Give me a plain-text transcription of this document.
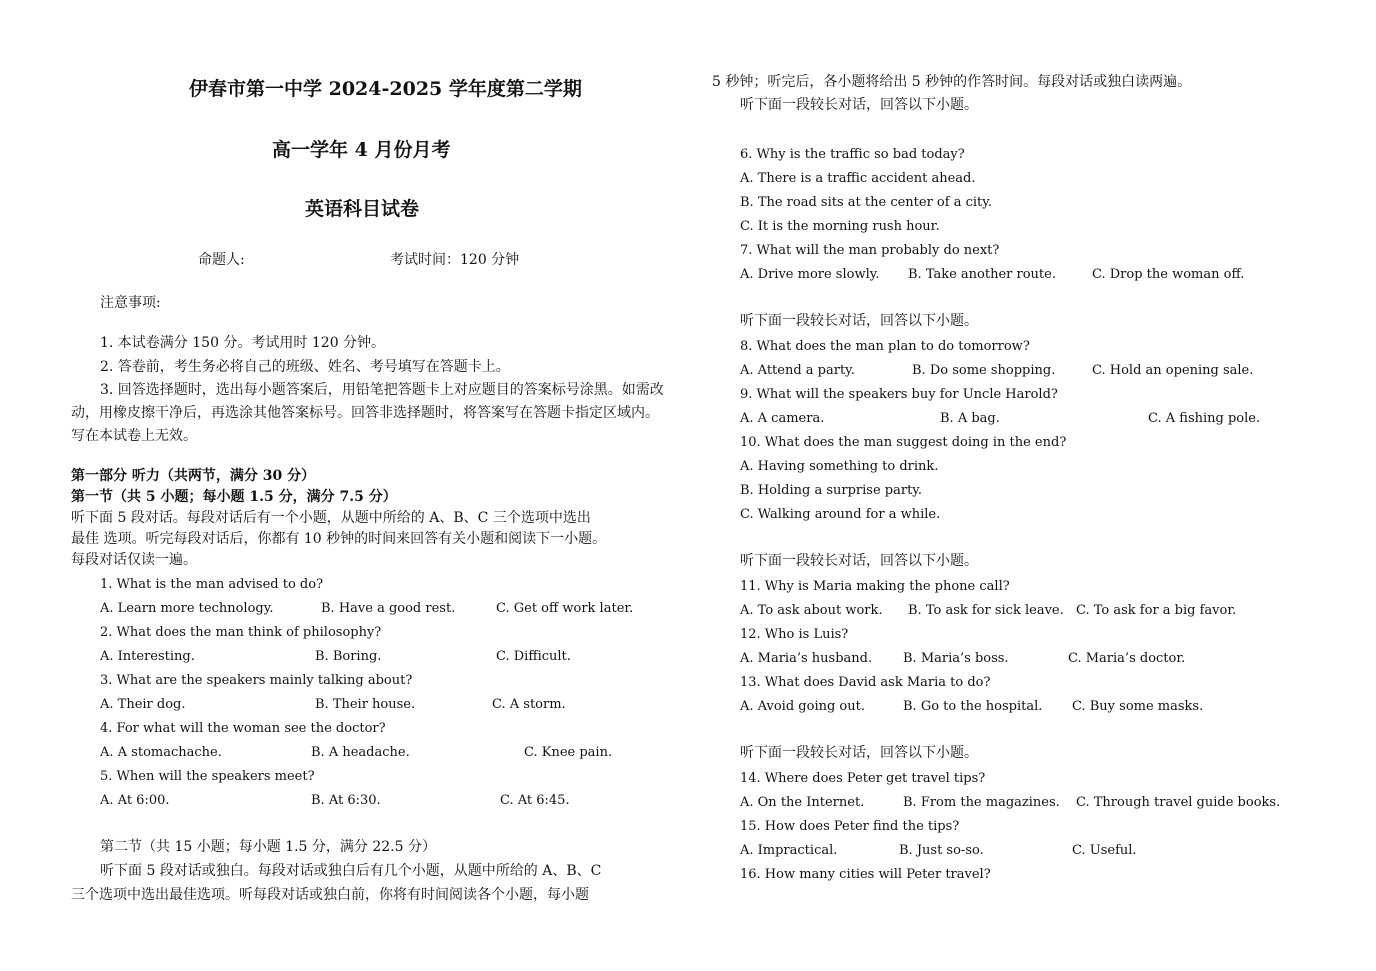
伊春市第一中学 2024-2025 学年度第二学期
高一学年 4 月份月考
英语科目试卷
命题人:	考试时间：120 分钟
注意事项:
1. 本试卷满分 150 分。考试用时 120 分钟。
2. 答卷前，考生务必将自己的班级、姓名、考号填写在答题卡上。
3. 回答选择题时，选出每小题答案后，用铅笔把答题卡上对应题目的答案标号涂黑。如需改
动，用橡皮擦干净后，再选涂其他答案标号。回答非选择题时，将答案写在答题卡指定区域内。
写在本试卷上无效。
第一部分 听力（共两节，满分 30 分）
第一节（共 5 小题；每小题 1.5 分，满分 7.5 分）
听下面 5 段对话。每段对话后有一个小题，从题中所给的 A、B、C 三个选项中选出
最佳 选项。听完每段对话后，你都有 10 秒钟的时间来回答有关小题和阅读下一小题。
每段对话仅读一遍。
1. What is the man advised to do?
A. Learn more technology.	B. Have a good rest.	C. Get off work later.
2. What does the man think of philosophy?
A. Interesting.	B. Boring.	C. Difficult.
3. What are the speakers mainly talking about?
A. Their dog.	B. Their house.	C. A storm.
4. For what will the woman see the doctor?
A. A stomachache.	B. A headache.	C. Knee pain.
5. When will the speakers meet?
A. At 6:00.	B. At 6:30.	C. At 6:45.
第二节（共 15 小题；每小题 1.5 分，满分 22.5 分）
听下面 5 段对话或独白。每段对话或独白后有几个小题，从题中所给的 A、B、C
三个选项中选出最佳选项。听每段对话或独白前，你将有时间阅读各个小题，每小题
5 秒钟；听完后，各小题将给出 5 秒钟的作答时间。每段对话或独白读两遍。
听下面一段较长对话，回答以下小题。
6. Why is the traffic so bad today?
A. There is a traffic accident ahead.
B. The road sits at the center of a city.
C. It is the morning rush hour.
7. What will the man probably do next?
A. Drive more slowly. B. Take another route.	C. Drop the woman off.
听下面一段较长对话，回答以下小题。
8. What does the man plan to do tomorrow?
A. Attend a party.	B. Do some shopping.	C. Hold an opening sale.
9. What will the speakers buy for Uncle Harold?
A. A camera.	B. A bag.	C. A fishing pole.
10. What does the man suggest doing in the end?
A. Having something to drink.
B. Holding a surprise party.
C. Walking around for a while.
听下面一段较长对话，回答以下小题。
11. Why is Maria making the phone call?
A. To ask about work. B. To ask for sick leave. C. To ask for a big favor.
12. Who is Luis?
A. Maria’s husband. B. Maria’s boss.	C. Maria’s doctor.
13. What does David ask Maria to do?
A. Avoid going out.	B. Go to the hospital. C. Buy some masks.
听下面一段较长对话，回答以下小题。
14. Where does Peter get travel tips?
A. On the Internet.	B. From the magazines. C. Through travel guide books.
15. How does Peter find the tips?
A. Impractical.	B. Just so-so.	C. Useful.
16. How many cities will Peter travel?
